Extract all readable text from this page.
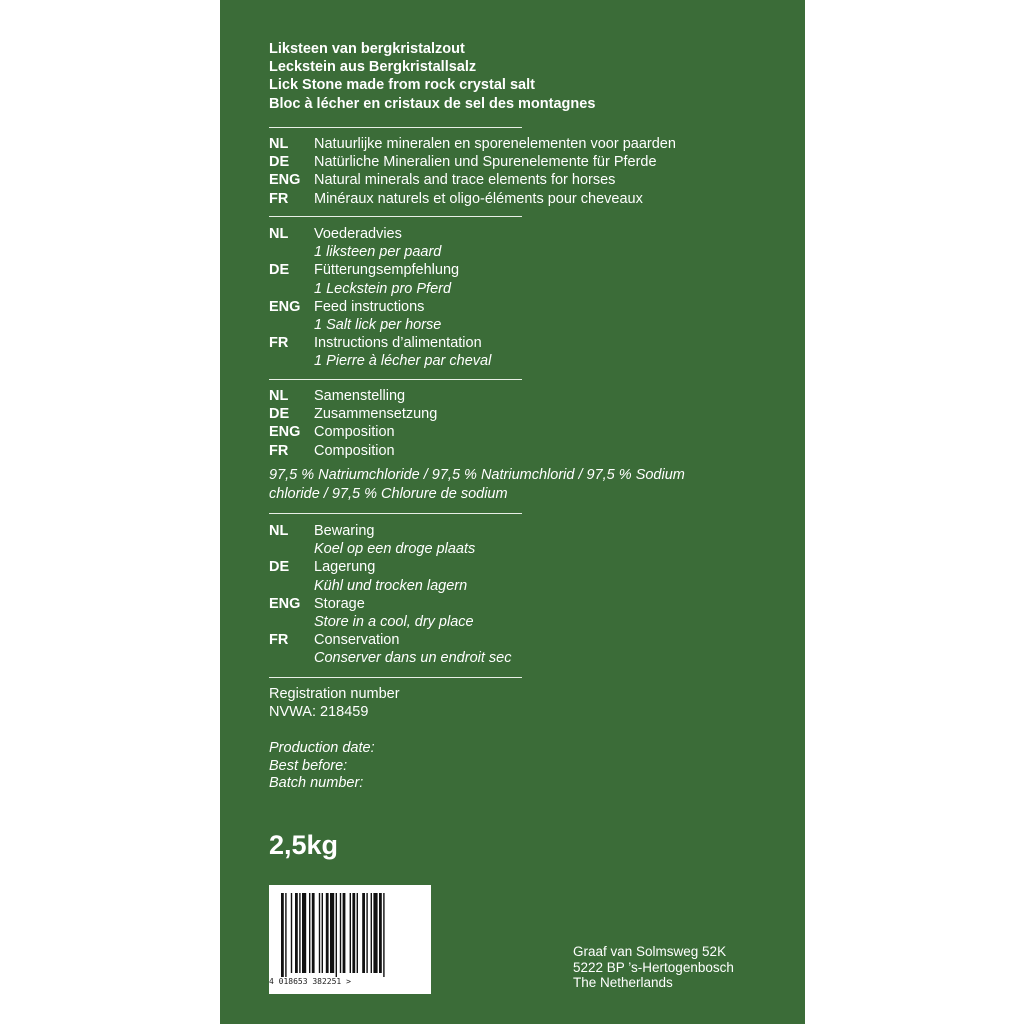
Liksteen van bergkristalzout
Leckstein aus Bergkristallsalz
Lick Stone made from rock crystal salt
Bloc à lécher en cristaux de sel des montagnes
NL	Natuurlijke mineralen en sporenelementen voor paarden
DE	Natürliche Mineralien und Spurenelemente für Pferde
ENG Natural minerals and trace elements for horses
FR	Minéraux naturels et oligo-éléments pour cheveaux
NL	Voederadvies
1 liksteen per paard
DE	Fütterungsempfehlung
1 Leckstein pro Pferd
ENG Feed instructions
1 Salt lick per horse
FR	Instructions d’alimentation
1 Pierre à lécher par cheval
NL	Samenstelling
DE	Zusammensetzung
ENG Composition
FR	Composition
97,5 % Natriumchloride / 97,5 % Natriumchlorid / 97,5 % Sodium
chloride / 97,5 % Chlorure de sodium
NL	Bewaring
Koel op een droge plaats
DE	Lagerung
Kühl und trocken lagern
ENG Storage
Store in a cool, dry place
FR	Conservation
Conserver dans un endroit sec
Registration number
NVWA: 218459
Production date:
Best before:
Batch number:
2,5kg
4 018653 382251 >
Graaf van Solmsweg 52K
5222 BP ’s-Hertogenbosch
The Netherlands
